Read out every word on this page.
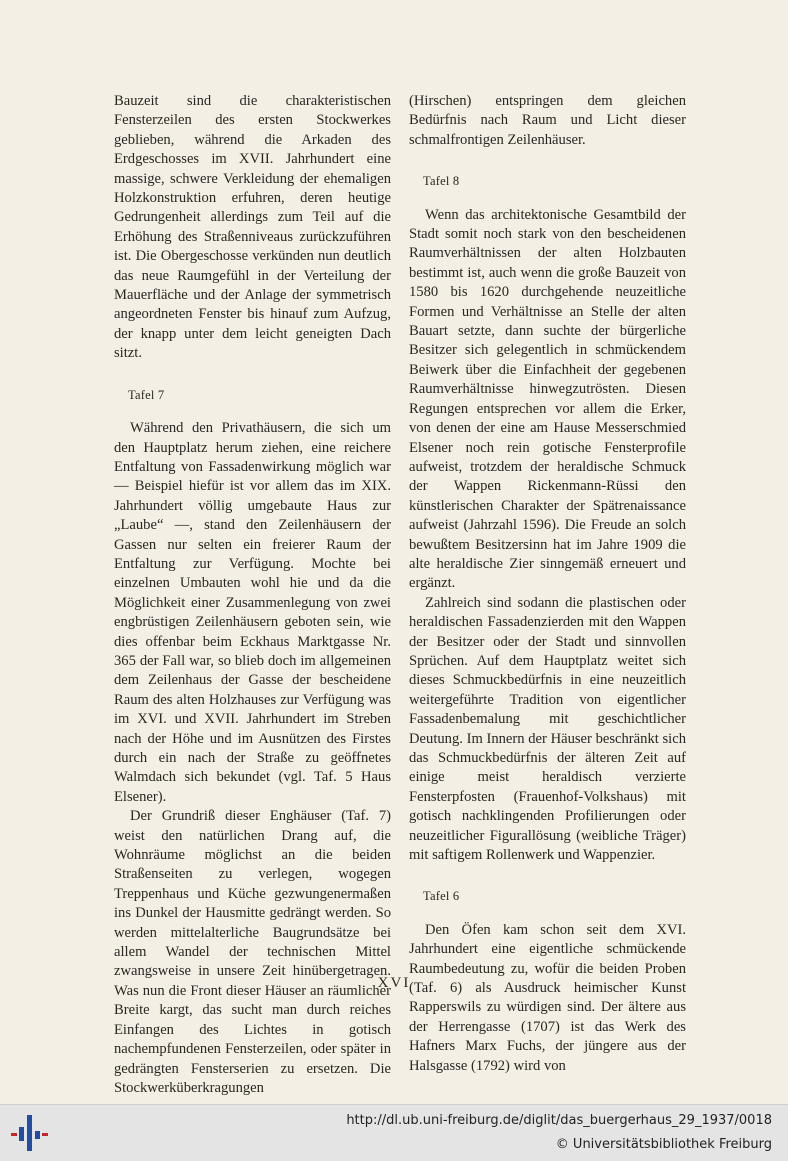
Bauzeit sind die charakteristischen Fensterzeilen des ersten Stockwerkes geblieben, während die Arkaden des Erdgeschosses im XVII. Jahrhundert eine massige, schwere Verkleidung der ehemaligen Holzkonstruktion erfuhren, deren heutige Gedrungenheit allerdings zum Teil auf die Erhöhung des Straßenniveaus zurückzuführen ist. Die Obergeschosse verkünden nun deutlich das neue Raumgefühl in der Verteilung der Mauerfläche und der Anlage der symmetrisch angeordneten Fenster bis hinauf zum Aufzug, der knapp unter dem leicht geneigten Dach sitzt.

Tafel 7

Während den Privathäusern, die sich um den Hauptplatz herum ziehen, eine reichere Entfaltung von Fassadenwirkung möglich war — Beispiel hiefür ist vor allem das im XIX. Jahrhundert völlig umgebaute Haus zur „Laube“ —, stand den Zeilenhäusern der Gassen nur selten ein freierer Raum der Entfaltung zur Verfügung. Mochte bei einzelnen Umbauten wohl hie und da die Möglichkeit einer Zusammenlegung von zwei engbrüstigen Zeilenhäusern geboten sein, wie dies offenbar beim Eckhaus Marktgasse Nr. 365 der Fall war, so blieb doch im allgemeinen dem Zeilenhaus der Gasse der bescheidene Raum des alten Holzhauses zur Verfügung was im XVI. und XVII. Jahrhundert im Streben nach der Höhe und im Ausnützen des Firstes durch ein nach der Straße zu geöffnetes Walmdach sich bekundet (vgl. Taf. 5 Haus Elsener).

Der Grundriß dieser Enghäuser (Taf. 7) weist den natürlichen Drang auf, die Wohnräume möglichst an die beiden Straßenseiten zu verlegen, wogegen Treppenhaus und Küche gezwungenermaßen ins Dunkel der Hausmitte gedrängt werden. So werden mittelalterliche Baugrundsätze bei allem Wandel der technischen Mittel zwangsweise in unsere Zeit hinübergetragen. Was nun die Front dieser Häuser an räumlicher Breite kargt, das sucht man durch reiches Einfangen des Lichtes in gotisch nachempfundenen Fensterzeilen, oder später in gedrängten Fensterserien zu ersetzen. Die Stockwerküberkragungen

(Hirschen) entspringen dem gleichen Bedürfnis nach Raum und Licht dieser schmalfrontigen Zeilenhäuser.

Tafel 8

Wenn das architektonische Gesamtbild der Stadt somit noch stark von den bescheidenen Raumverhältnissen der alten Holzbauten bestimmt ist, auch wenn die große Bauzeit von 1580 bis 1620 durchgehende neuzeitliche Formen und Verhältnisse an Stelle der alten Bauart setzte, dann suchte der bürgerliche Besitzer sich gelegentlich in schmückendem Beiwerk über die Einfachheit der gegebenen Raumverhältnisse hinwegzutrösten. Diesen Regungen entsprechen vor allem die Erker, von denen der eine am Hause Messerschmied Elsener noch rein gotische Fensterprofile aufweist, trotzdem der heraldische Schmuck der Wappen Rickenmann-Rüssi den künstlerischen Charakter der Spätrenaissance aufweist (Jahrzahl 1596). Die Freude an solch bewußtem Besitzersinn hat im Jahre 1909 die alte heraldische Zier sinngemäß erneuert und ergänzt.

Zahlreich sind sodann die plastischen oder heraldischen Fassadenzierden mit den Wappen der Besitzer oder der Stadt und sinnvollen Sprüchen. Auf dem Hauptplatz weitet sich dieses Schmuckbedürfnis in eine neuzeitlich weitergeführte Tradition von eigentlicher Fassadenbemalung mit geschichtlicher Deutung. Im Innern der Häuser beschränkt sich das Schmuckbedürfnis der älteren Zeit auf einige meist heraldisch verzierte Fensterpfosten (Frauenhof-Volkshaus) mit gotisch nachklingenden Profilierungen oder neuzeitlicher Figurallösung (weibliche Träger) mit saftigem Rollenwerk und Wappenzier.

Tafel 6

Den Öfen kam schon seit dem XVI. Jahrhundert eine eigentliche schmückende Raumbedeutung zu, wofür die beiden Proben (Taf. 6) als Ausdruck heimischer Kunst Rapperswils zu würdigen sind. Der ältere aus der Herrengasse (1707) ist das Werk des Hafners Marx Fuchs, der jüngere aus der Halsgasse (1792) wird von

XVI
http://dl.ub.uni-freiburg.de/diglit/das_buergerhaus_29_1937/0018
© Universitätsbibliothek Freiburg
